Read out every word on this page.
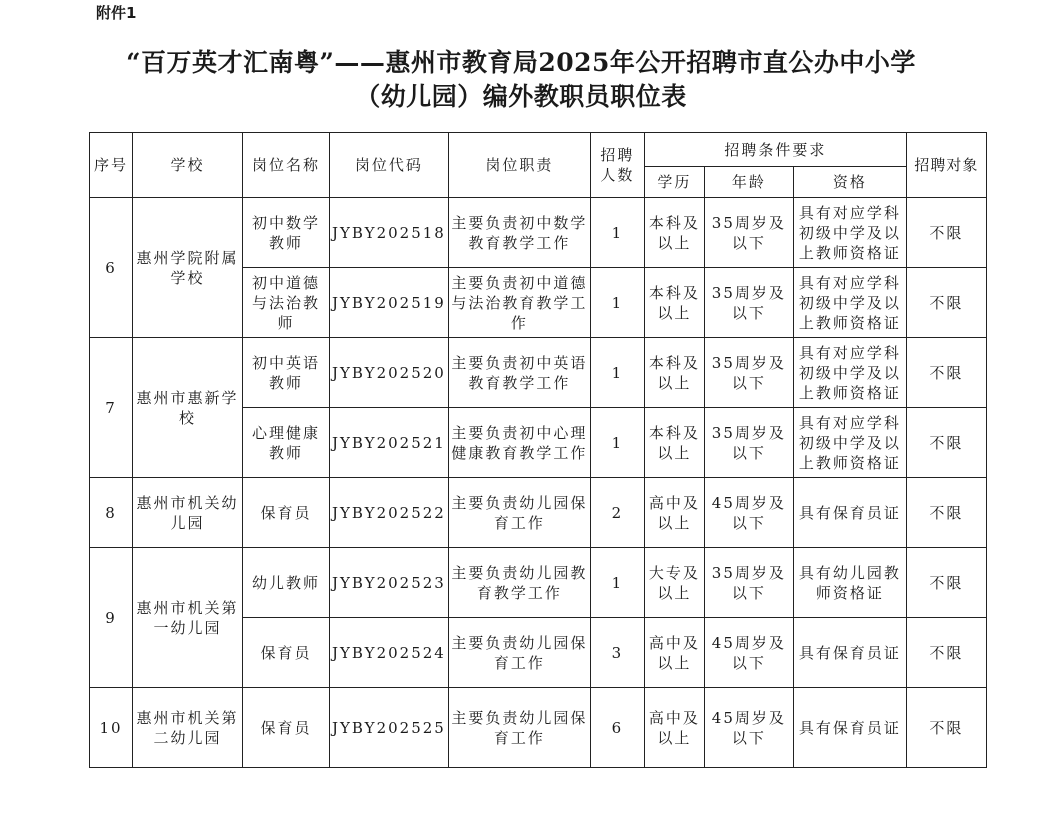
附件1
“百万英才汇南粤”——惠州市教育局2025年公开招聘市直公办中小学
（幼儿园）编外教职员职位表
序号	学校	岗位名称	岗位代码	岗位职责	招聘人数	招聘条件要求			招聘对象
						学历	年龄	资格	
6	惠州学院附属学校	初中数学教师	JYBY202518	主要负责初中数学教育教学工作	1	本科及以上	35周岁及以下	具有对应学科初级中学及以上教师资格证	不限
		初中道德与法治教师	JYBY202519	主要负责初中道德与法治教育教学工作	1	本科及以上	35周岁及以下	具有对应学科初级中学及以上教师资格证	不限
7	惠州市惠新学校	初中英语教师	JYBY202520	主要负责初中英语教育教学工作	1	本科及以上	35周岁及以下	具有对应学科初级中学及以上教师资格证	不限
		心理健康教师	JYBY202521	主要负责初中心理健康教育教学工作	1	本科及以上	35周岁及以下	具有对应学科初级中学及以上教师资格证	不限
8	惠州市机关幼儿园	保育员	JYBY202522	主要负责幼儿园保育工作	2	高中及以上	45周岁及以下	具有保育员证	不限
9	惠州市机关第一幼儿园	幼儿教师	JYBY202523	主要负责幼儿园教育教学工作	1	大专及以上	35周岁及以下	具有幼儿园教师资格证	不限
		保育员	JYBY202524	主要负责幼儿园保育工作	3	高中及以上	45周岁及以下	具有保育员证	不限
10	惠州市机关第二幼儿园	保育员	JYBY202525	主要负责幼儿园保育工作	6	高中及以上	45周岁及以下	具有保育员证	不限
